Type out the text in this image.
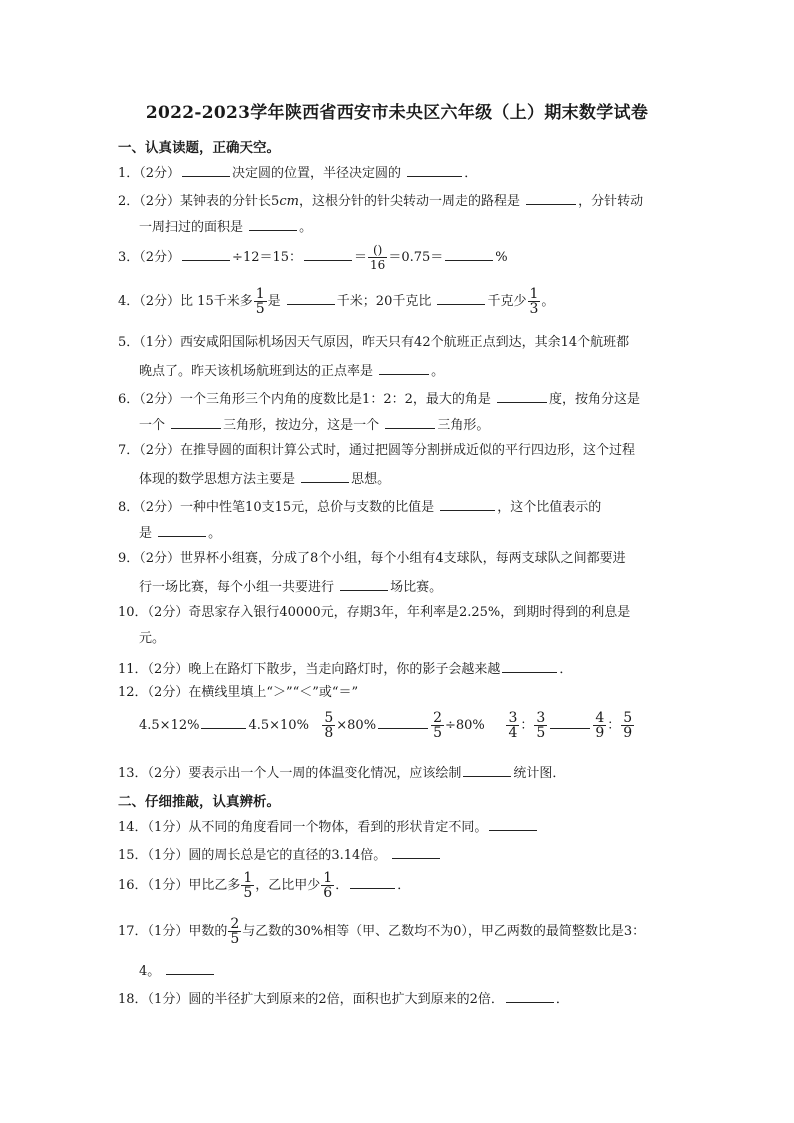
2022-2023学年陕西省西安市未央区六年级（上）期末数学试卷
一、认真读题，正确天空。
1．（2分）	决定圆的位置，半径决定圆的	．
2．（2分）某钟表的分针长5cm，这根分针的针尖转动一周走的路程是	，分针转动
一周扫过的面积是	。
3．（2分）	÷12＝15：	＝ $\frac{()}{16} =0.75=$	%
4．（2分）比 15千米多 $\frac{1}{5}$ 是	千米；20千克比	千克少 $\frac{1}{3}$ 。
5．（1分）西安咸阳国际机场因天气原因，昨天只有42个航班正点到达，其余14个航班都
晚点了。昨天该机场航班到达的正点率是	。
6．（2分）一个三角形三个内角的度数比是1：2：2，最大的角是	度，按角分这是
一个	三角形，按边分，这是一个	三角形。
7．（2分）在推导圆的面积计算公式时，通过把圆等分割拼成近似的平行四边形，这个过程
体现的数学思想方法主要是	思想。
8．（2分）一种中性笔10支15元，总价与支数的比值是	，这个比值表示的
是	。
9．（2分）世界杯小组赛，分成了8个小组，每个小组有4支球队，每两支球队之间都要进
行一场比赛，每个小组一共要进行	场比赛。
10．（2分）奇思家存入银行40000元，存期3年，年利率是2.25%，到期时得到的利息是
元。
11．（2分）晚上在路灯下散步，当走向路灯时，你的影子会越来越	．
12．（2分）在横线里填上“＞”“＜”或“＝”
4.5×12%	$4.5\times 10\% \frac{5}{8} \times 80\%$	$\frac{2}{5} \div 80\% \frac{3}{4}$ ： $\frac{3}{5}$	$\frac{4}{9}$ ： $\frac{5}{9}$
13．（2分）要表示出一个人一周的体温变化情况，应该绘制	统计图．
二、仔细推敲，认真辨析。
14．（1分）从不同的角度看同一个物体，看到的形状肯定不同。
15．（1分）圆的周长总是它的直径的3.14倍。
16．（1分）甲比乙多 $\frac{1}{5}$ ，乙比甲少 $\frac{1}{6}$ ．	．
17．（1分）甲数的 $\frac{2}{5}$ 与乙数的30%相等（甲、乙数均不为0），甲乙两数的最简整数比是3：
4。
18．（1分）圆的半径扩大到原来的2倍，面积也扩大到原来的2倍．	．
